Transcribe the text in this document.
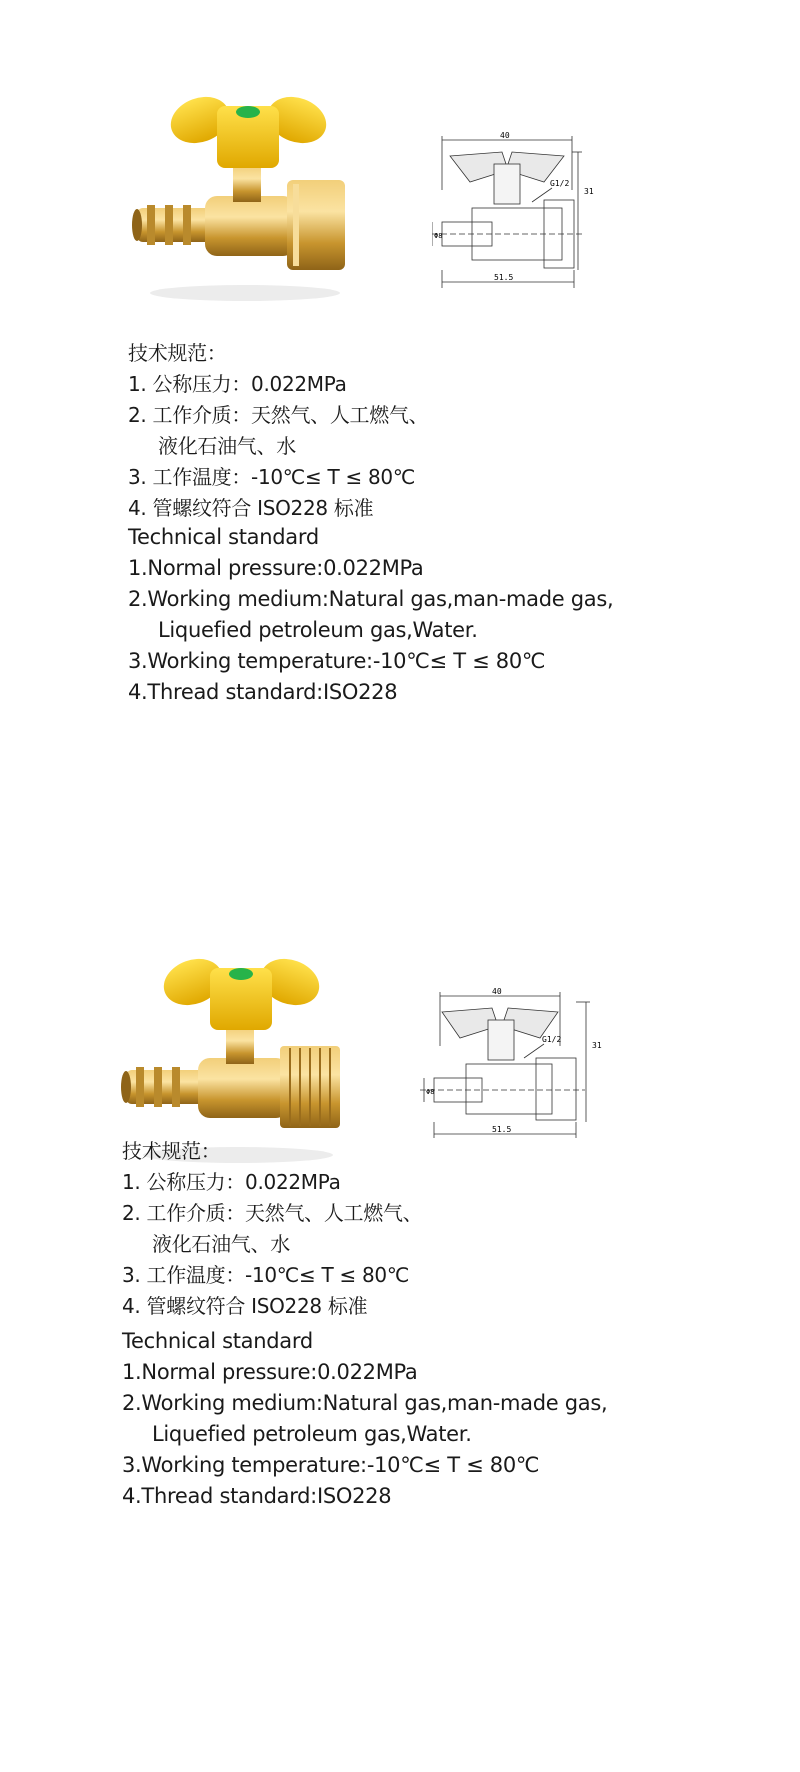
40
31
G1/2
51.5
Φ8
技术规范：
1. 公称压力：0.022MPa
2. 工作介质：天然气、人工燃气、
液化石油气、水
3. 工作温度：-10℃≤ T ≤ 80℃
4. 管螺纹符合 ISO228 标准
Technical standard
1.Normal pressure:0.022MPa
2.Working medium:Natural gas,man-made gas,
Liquefied petroleum gas,Water.
3.Working temperature:-10℃≤ T ≤ 80℃
4.Thread standard:ISO228
40
31
G1/2
51.5
Φ8
技术规范：
1. 公称压力：0.022MPa
2. 工作介质：天然气、人工燃气、
液化石油气、水
3. 工作温度：-10℃≤ T ≤ 80℃
4. 管螺纹符合 ISO228 标准
Technical standard
1.Normal pressure:0.022MPa
2.Working medium:Natural gas,man-made gas,
Liquefied petroleum gas,Water.
3.Working temperature:-10℃≤ T ≤ 80℃
4.Thread standard:ISO228
